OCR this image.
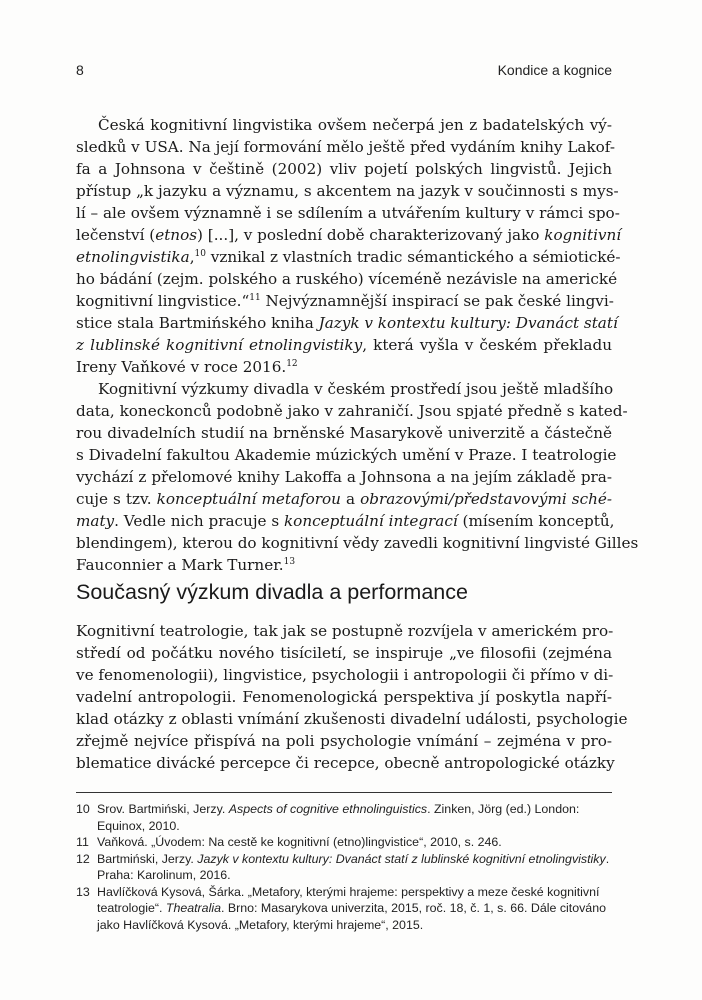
8	Kondice a kognice
Česká kognitivní lingvistika ovšem nečerpá jen z badatelských vý-
sledků v USA. Na její formování mělo ještě před vydáním knihy Lakof-
fa a Johnsona v češtině (2002) vliv pojetí polských lingvistů. Jejich
přístup „k jazyku a významu, s akcentem na jazyk v součinnosti s mys-
lí – ale ovšem významně i se sdílením a utvářením kultury v rámci spo-
lečenství (etnos) [...], v poslední době charakterizovaný jako kognitivní
etnolingvistika,$^{10}$ vznikal z vlastních tradic sémantického a sémiotické-
ho bádání (zejm. polského a ruského) víceméně nezávisle na americké
kognitivní lingvistice.“$^{11}$ Nejvýznamnější inspirací se pak české lingvi-
stice stala Bartmińského kniha Jazyk v kontextu kultury: Dvanáct statí
z lublinské kognitivní etnolingvistiky, která vyšla v českém překladu
Ireny Vaňkové v roce 2016.12
Kognitivní výzkumy divadla v českém prostředí jsou ještě mladšího
data, koneckonců podobně jako v zahraničí. Jsou spjaté předně s kated-
rou divadelních studií na brněnské Masarykově univerzitě a částečně
s Divadelní fakultou Akademie múzických umění v Praze. I teatrologie
vychází z přelomové knihy Lakoffa a Johnsona a na jejím základě pra-
cuje s tzv. konceptuální metaforou a obrazovými/představovými sché-
maty. Vedle nich pracuje s konceptuální integrací (mísením konceptů,
blendingem), kterou do kognitivní vědy zavedli kognitivní lingvisté Gilles
Fauconnier a Mark Turner.$^{13}$
Současný výzkum divadla a performance
Kognitivní teatrologie, tak jak se postupně rozvíjela v americkém pro-
středí od počátku nového tisíciletí, se inspiruje „ve filosofii (zejména
ve fenomenologii), lingvistice, psychologii i antropologii či přímo v di-
vadelní antropologii. Fenomenologická perspektiva jí poskytla napří-
klad otázky z oblasti vnímání zkušenosti divadelní události, psychologie
zřejmě nejvíce přispívá na poli psychologie vnímání – zejména v pro-
blematice divácké percepce či recepce, obecně antropologické otázky
10 Srov. Bartmiński, Jerzy. Aspects of cognitive ethnolinguistics. Zinken, Jörg (ed.) London: Equinox, 2010.
11 Vaňková. „Úvodem: Na cestě ke kognitivní (etno)lingvistice“, 2010, s. 246.
12 Bartmiński, Jerzy. Jazyk v kontextu kultury: Dvanáct statí z lublinské kognitivní etnolingvistiky. Praha: Karolinum, 2016.
13 Havlíčková Kysová, Šárka. „Metafory, kterými hrajeme: perspektivy a meze české kognitivní teatrologie“. Theatralia. Brno: Masarykova univerzita, 2015, roč. 18, č. 1, s. 66. Dále citováno jako Havlíčková Kysová. „Metafory, kterými hrajeme“, 2015.
